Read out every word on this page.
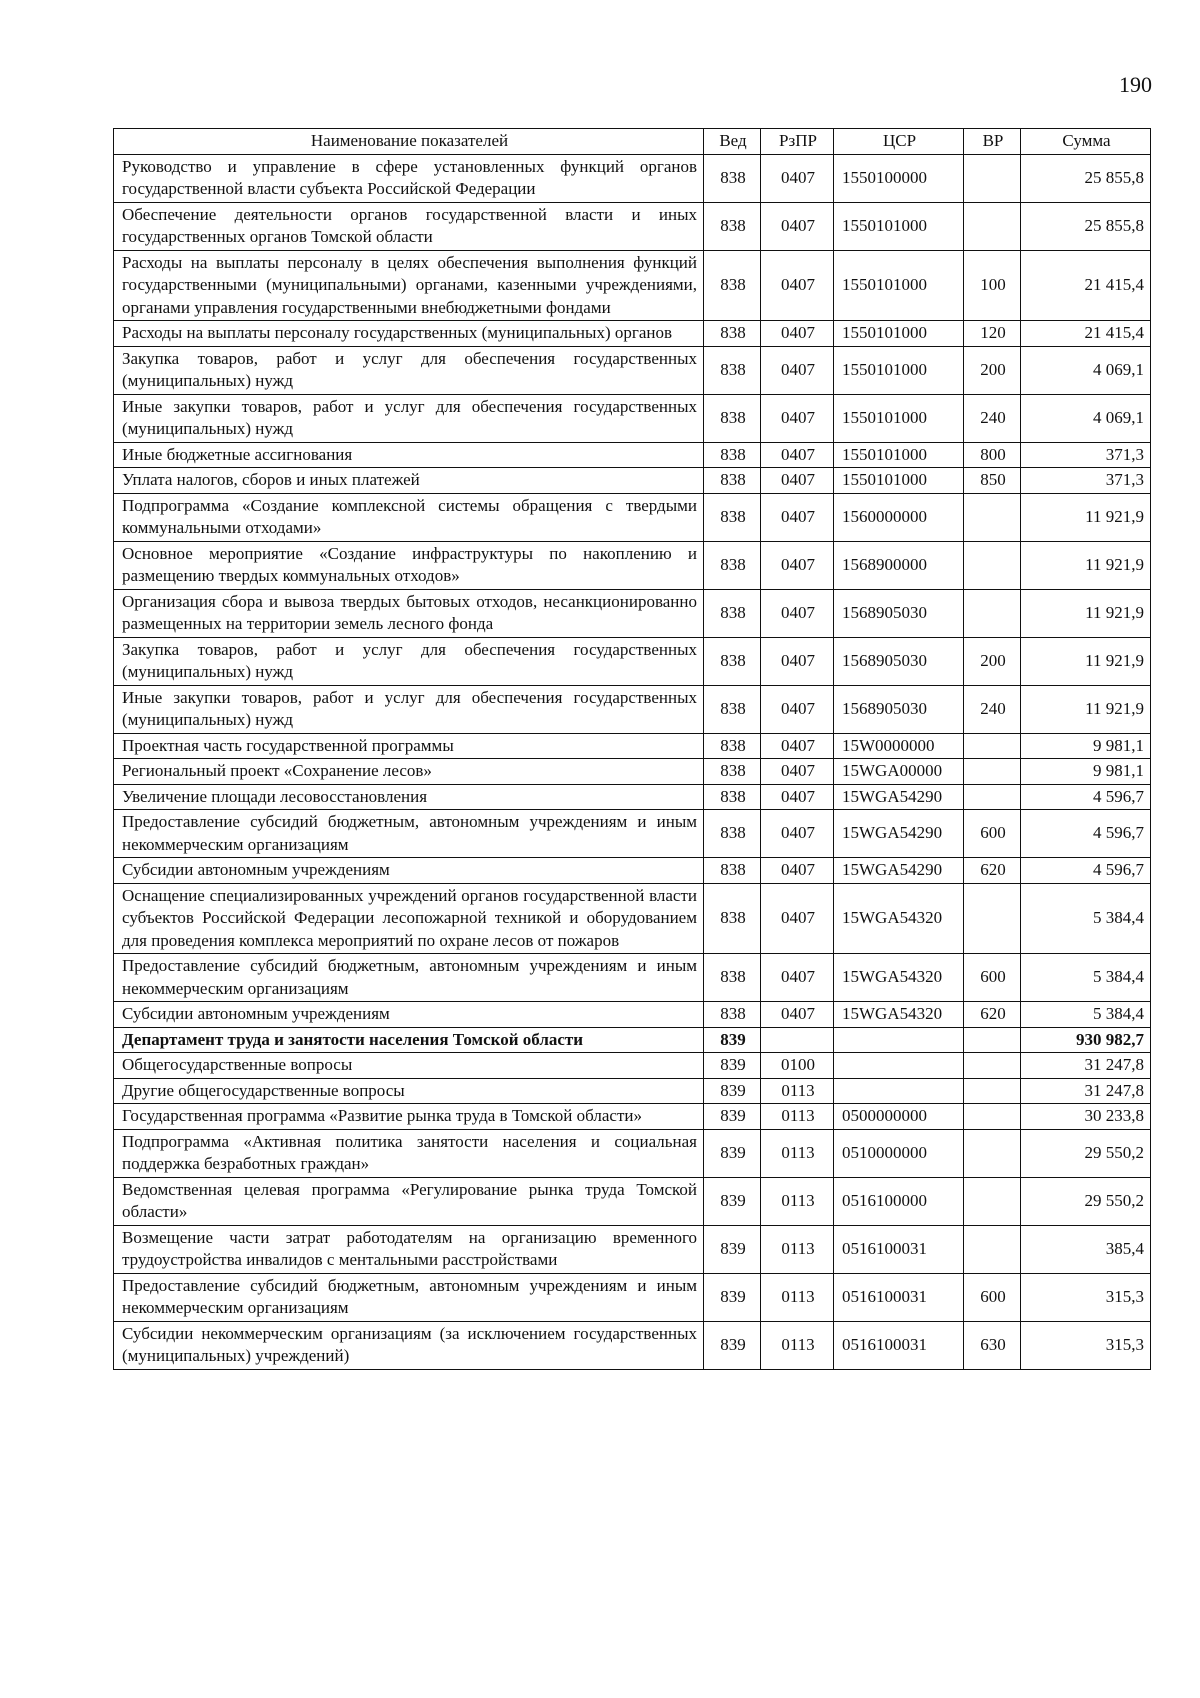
190
Наименование показателей	Вед	РзПР	ЦСР	ВР	Сумма
Руководство и управление в сфере установленных функций органов государственной власти субъекта Российской Федерации	838	0407	1550100000		25 855,8
Обеспечение деятельности органов государственной власти и иных государственных органов Томской области	838	0407	1550101000		25 855,8
Расходы на выплаты персоналу в целях обеспечения выполнения функций государственными (муниципальными) органами, казенными учреждениями, органами управления государственными внебюджетными фондами	838	0407	1550101000	100	21 415,4
Расходы на выплаты персоналу государственных (муниципальных) органов	838	0407	1550101000	120	21 415,4
Закупка товаров, работ и услуг для обеспечения государственных (муниципальных) нужд	838	0407	1550101000	200	4 069,1
Иные закупки товаров, работ и услуг для обеспечения государственных (муниципальных) нужд	838	0407	1550101000	240	4 069,1
Иные бюджетные ассигнования	838	0407	1550101000	800	371,3
Уплата налогов, сборов и иных платежей	838	0407	1550101000	850	371,3
Подпрограмма «Создание комплексной системы обращения с твердыми коммунальными отходами»	838	0407	1560000000		11 921,9
Основное мероприятие «Создание инфраструктуры по накоплению и размещению твердых коммунальных отходов»	838	0407	1568900000		11 921,9
Организация сбора и вывоза твердых бытовых отходов, несанкционированно размещенных на территории земель лесного фонда	838	0407	1568905030		11 921,9
Закупка товаров, работ и услуг для обеспечения государственных (муниципальных) нужд	838	0407	1568905030	200	11 921,9
Иные закупки товаров, работ и услуг для обеспечения государственных (муниципальных) нужд	838	0407	1568905030	240	11 921,9
Проектная часть государственной программы	838	0407	15W0000000		9 981,1
Региональный проект «Сохранение лесов»	838	0407	15WGA00000		9 981,1
Увеличение площади лесовосстановления	838	0407	15WGA54290		4 596,7
Предоставление субсидий бюджетным, автономным учреждениям и иным некоммерческим организациям	838	0407	15WGA54290	600	4 596,7
Субсидии автономным учреждениям	838	0407	15WGA54290	620	4 596,7
Оснащение специализированных учреждений органов государственной власти субъектов Российской Федерации лесопожарной техникой и оборудованием для проведения комплекса мероприятий по охране лесов от пожаров	838	0407	15WGA54320		5 384,4
Предоставление субсидий бюджетным, автономным учреждениям и иным некоммерческим организациям	838	0407	15WGA54320	600	5 384,4
Субсидии автономным учреждениям	838	0407	15WGA54320	620	5 384,4
Департамент труда и занятости населения Томской области	839				930 982,7
Общегосударственные вопросы	839	0100			31 247,8
Другие общегосударственные вопросы	839	0113			31 247,8
Государственная программа «Развитие рынка труда в Томской области»	839	0113	0500000000		30 233,8
Подпрограмма «Активная политика занятости населения и социальная поддержка безработных граждан»	839	0113	0510000000		29 550,2
Ведомственная целевая программа «Регулирование рынка труда Томской области»	839	0113	0516100000		29 550,2
Возмещение части затрат работодателям на организацию временного трудоустройства инвалидов с ментальными расстройствами	839	0113	0516100031		385,4
Предоставление субсидий бюджетным, автономным учреждениям и иным некоммерческим организациям	839	0113	0516100031	600	315,3
Субсидии некоммерческим организациям (за исключением государственных (муниципальных) учреждений)	839	0113	0516100031	630	315,3
